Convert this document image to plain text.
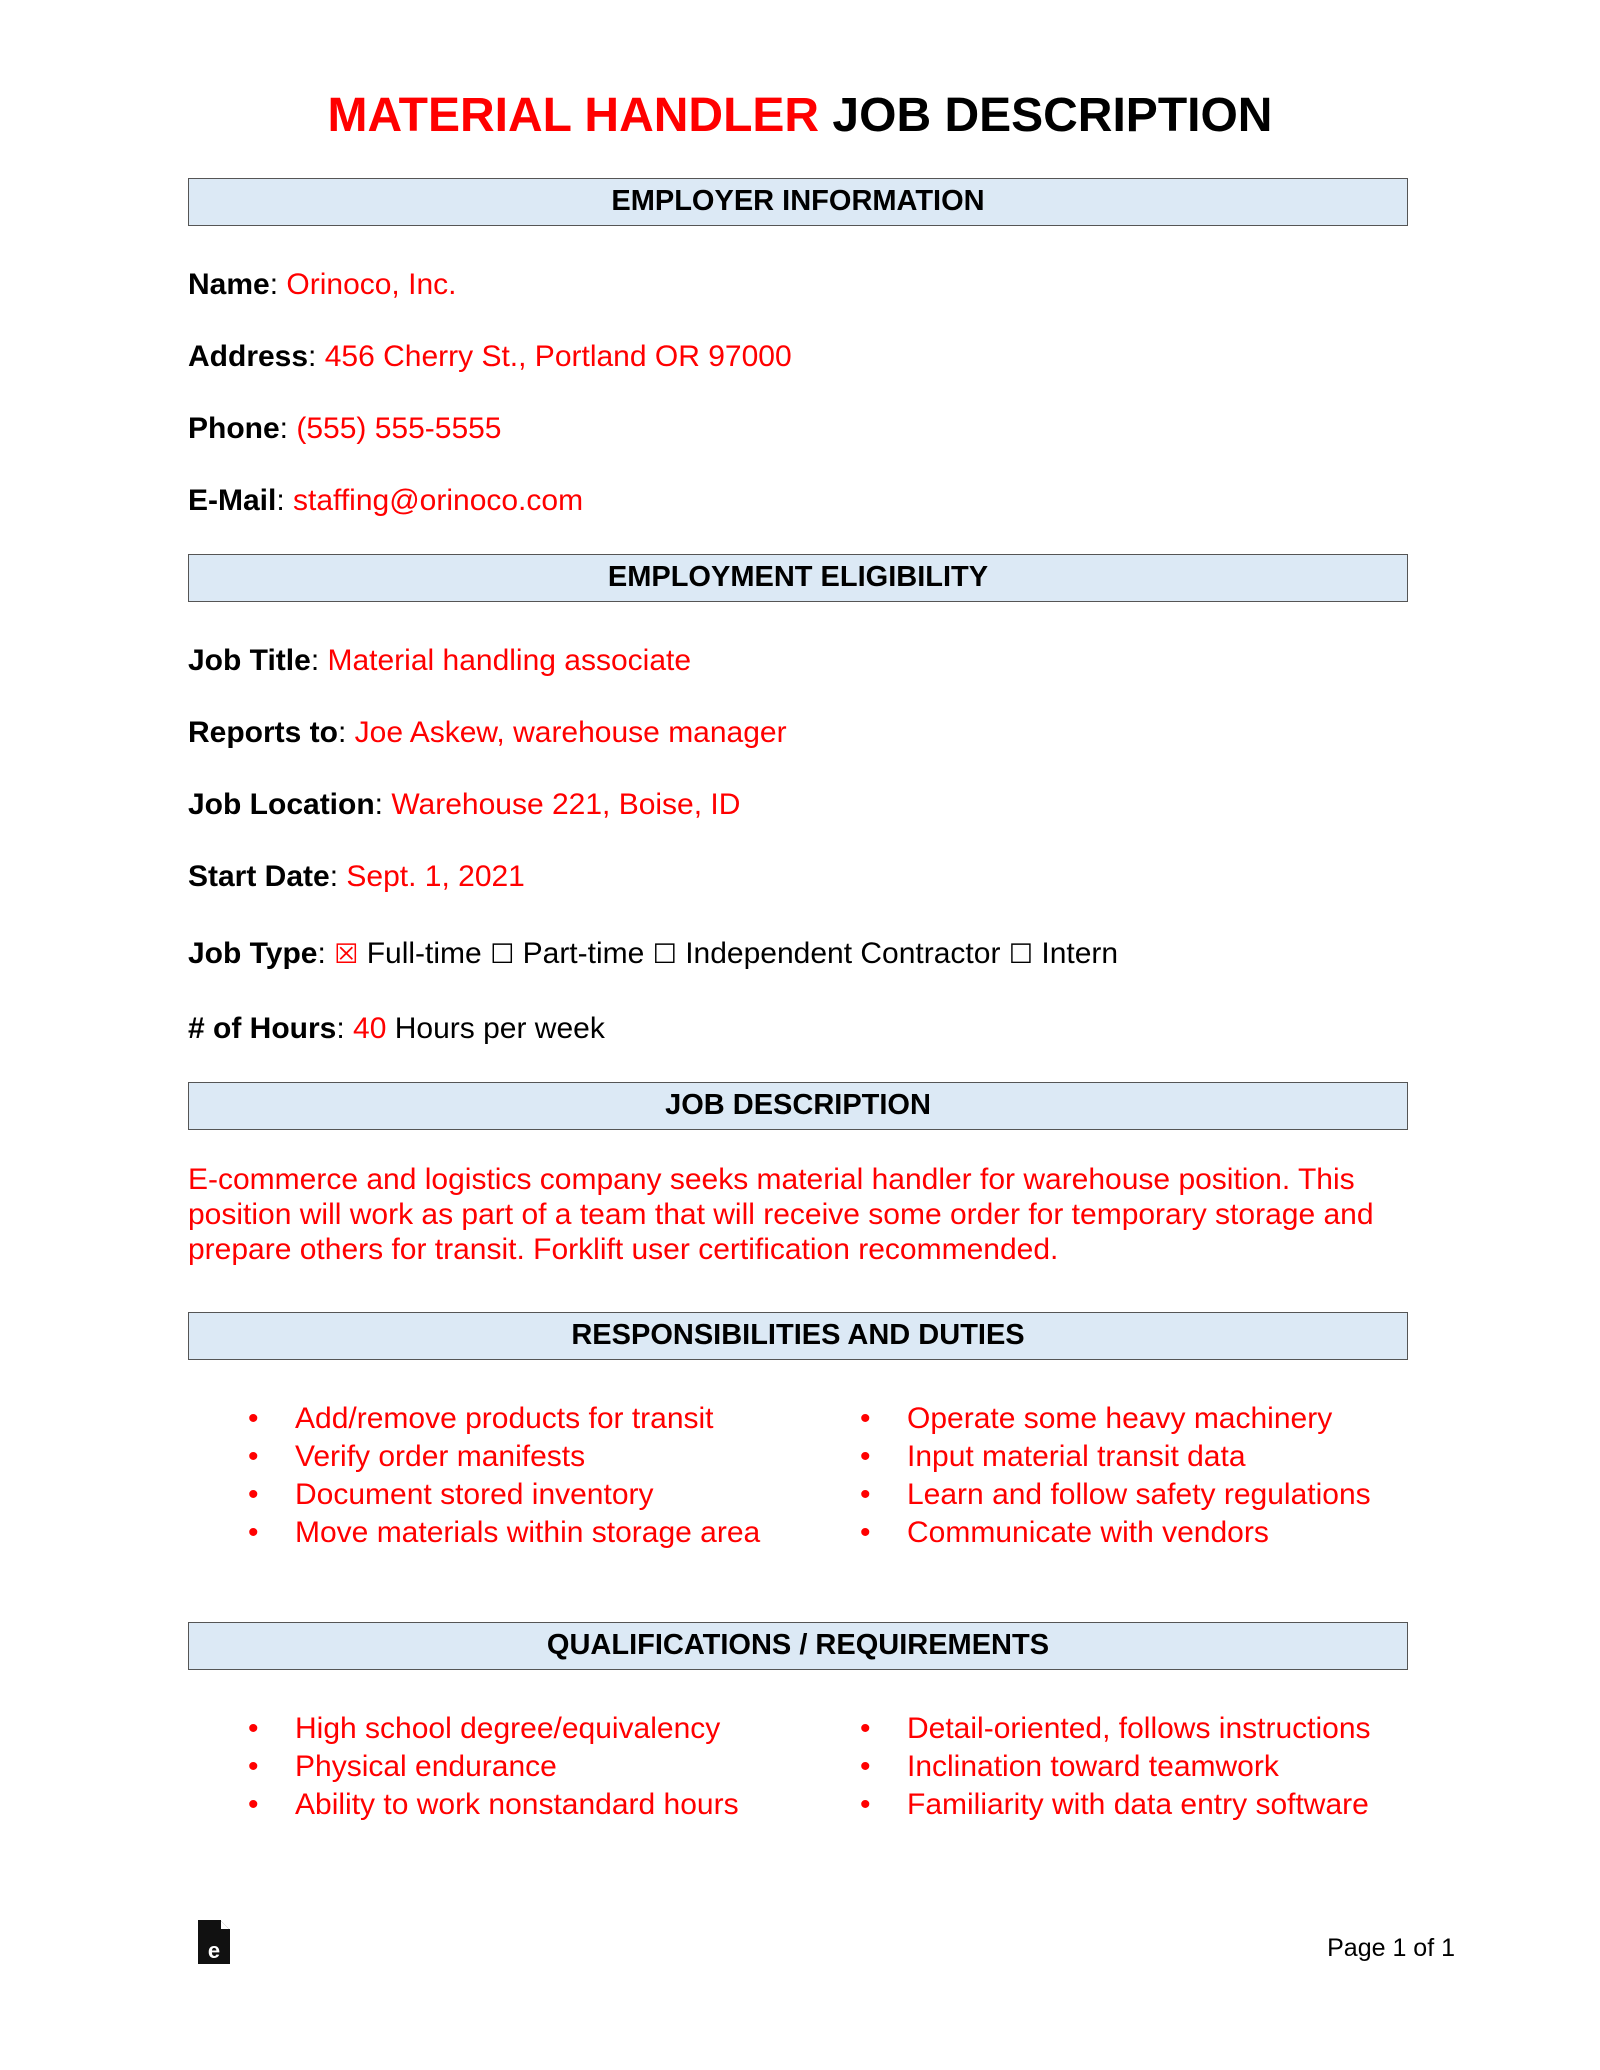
MATERIAL HANDLER JOB DESCRIPTION
EMPLOYER INFORMATION
Name: Orinoco, Inc.
Address: 456 Cherry St., Portland OR 97000
Phone: (555) 555-5555
E-Mail: staffing@orinoco.com
EMPLOYMENT ELIGIBILITY
Job Title: Material handling associate
Reports to: Joe Askew, warehouse manager
Job Location: Warehouse 221, Boise, ID
Start Date: Sept. 1, 2021
Job Type: ☒ Full-time ☐ Part-time ☐ Independent Contractor ☐ Intern
# of Hours: 40 Hours per week
JOB DESCRIPTION

E-commerce and logistics company seeks material handler for warehouse position. This position will work as part of a team that will receive some order for temporary storage and prepare others for transit. Forklift user certification recommended.

RESPONSIBILITIES AND DUTIES
• Add/remove products for transit
• Verify order manifests
• Document stored inventory
• Move materials within storage area
• Operate some heavy machinery
• Input material transit data
• Learn and follow safety regulations
• Communicate with vendors
QUALIFICATIONS / REQUIREMENTS
• High school degree/equivalency
• Physical endurance
• Ability to work nonstandard hours
• Detail-oriented, follows instructions
• Inclination toward teamwork
• Familiarity with data entry software
e	Page 1 of 1
